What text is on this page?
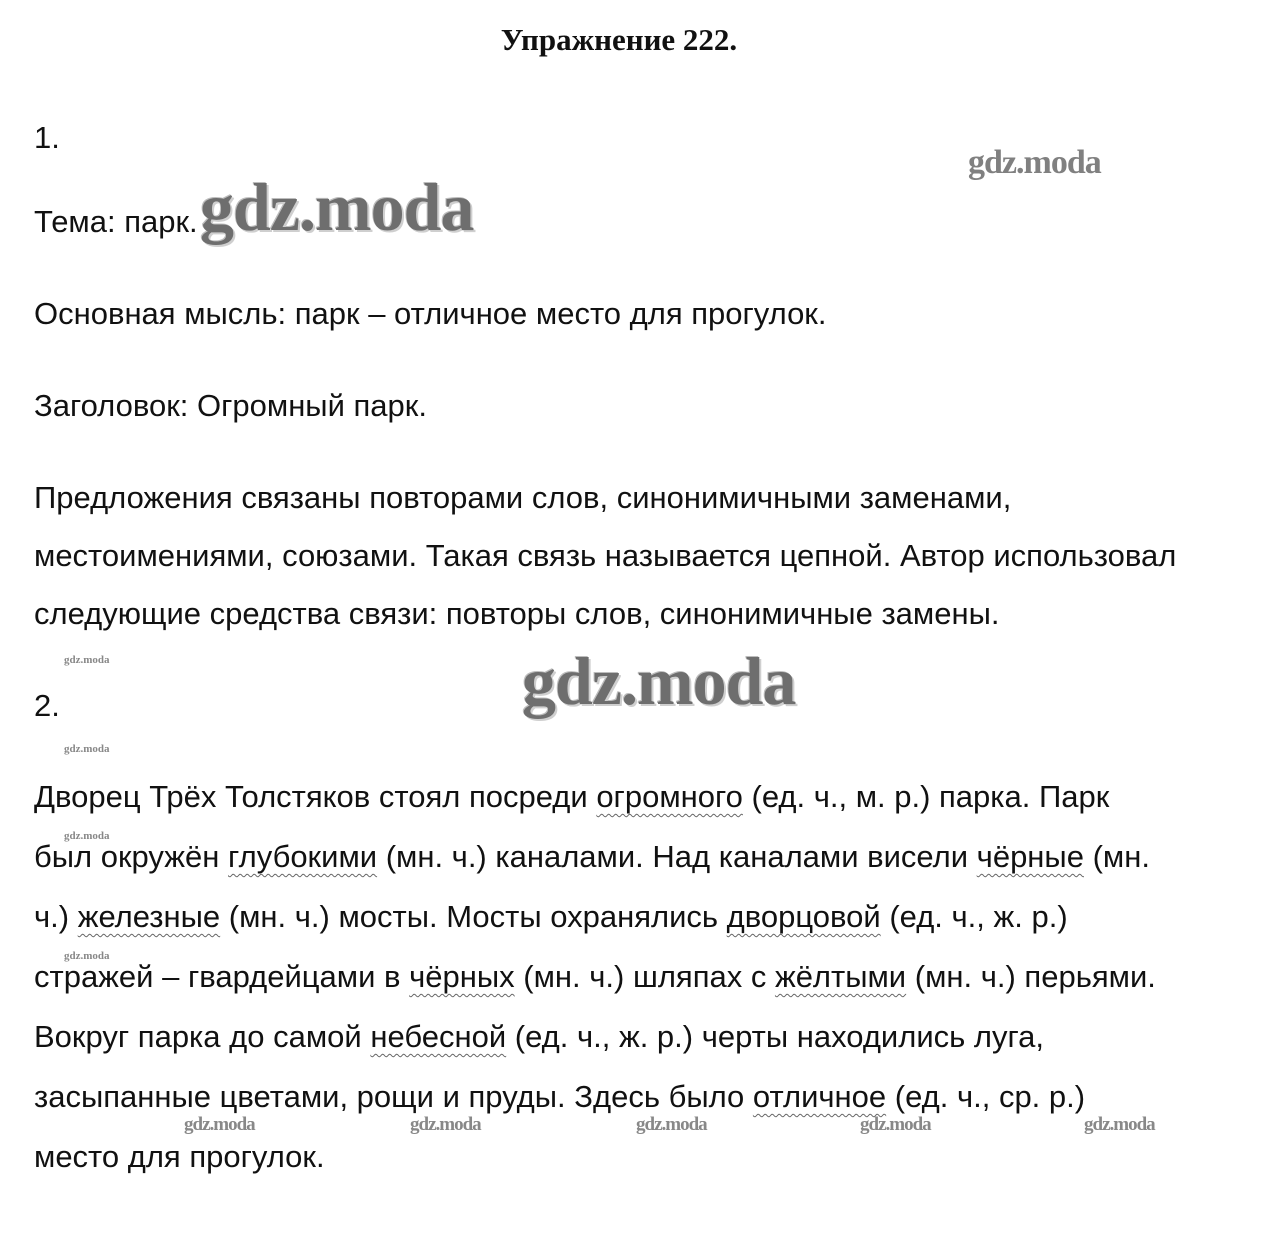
Упражнение 222.
1.
Тема: парк.
Основная мысль: парк – отличное место для прогулок.
Заголовок: Огромный парк.
Предложения связаны повторами слов, синонимичными заменами,
местоимениями, союзами. Такая связь называется цепной. Автор использовал
следующие средства связи: повторы слов, синонимичные замены.
2.
Дворец Трёх Толстяков стоял посреди огромного (ед. ч., м. р.) парка. Парк
был окружён глубокими (мн. ч.) каналами. Над каналами висели чёрные (мн.
ч.) железные (мн. ч.) мосты. Мосты охранялись дворцовой (ед. ч., ж. р.)
стражей – гвардейцами в чёрных (мн. ч.) шляпах с жёлтыми (мн. ч.) перьями.
Вокруг парка до самой небесной (ед. ч., ж. р.) черты находились луга,
засыпанные цветами, рощи и пруды. Здесь было отличное (ед. ч., ср. р.)
место для прогулок.
gdz.moda
gdz.moda
gdz.moda
gdz.moda
gdz.moda
gdz.moda
gdz.moda
gdz.moda	gdz.moda	gdz.moda	gdz.moda	gdz.moda
